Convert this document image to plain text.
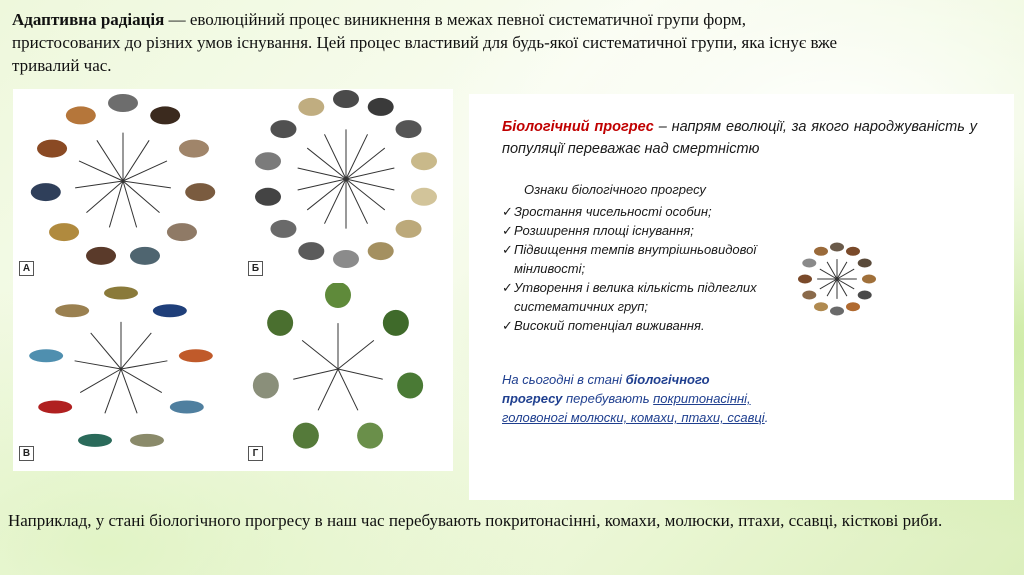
Адаптивна радіація — еволюційний процес виникнення в межах певної систематичної групи форм, пристосованих до різних умов існування. Цей процес властивий для будь-якої систематичної групи, яка існує вже тривалий час.
А	Б
В	Г
Біологічний прогрес – напрям еволюції, за якого народжуваність у популяції переважає над смертністю
Ознаки біологічного прогресу
✓ Зростання чисельності особин;
✓ Розширення площі існування;
✓ Підвищення темпів внутрішньовидової мінливості;
✓ Утворення і велика кількість підлеглих систематичних груп;
✓ Високий потенціал виживання.
На сьогодні в стані біологічного прогресу перебувають покритонасінні, головоногі молюски, комахи, птахи, ссавці.
Наприклад, у стані біологічного прогресу в наш час перебувають покритонасінні, комахи, молюски, птахи, ссавці, кісткові риби.
